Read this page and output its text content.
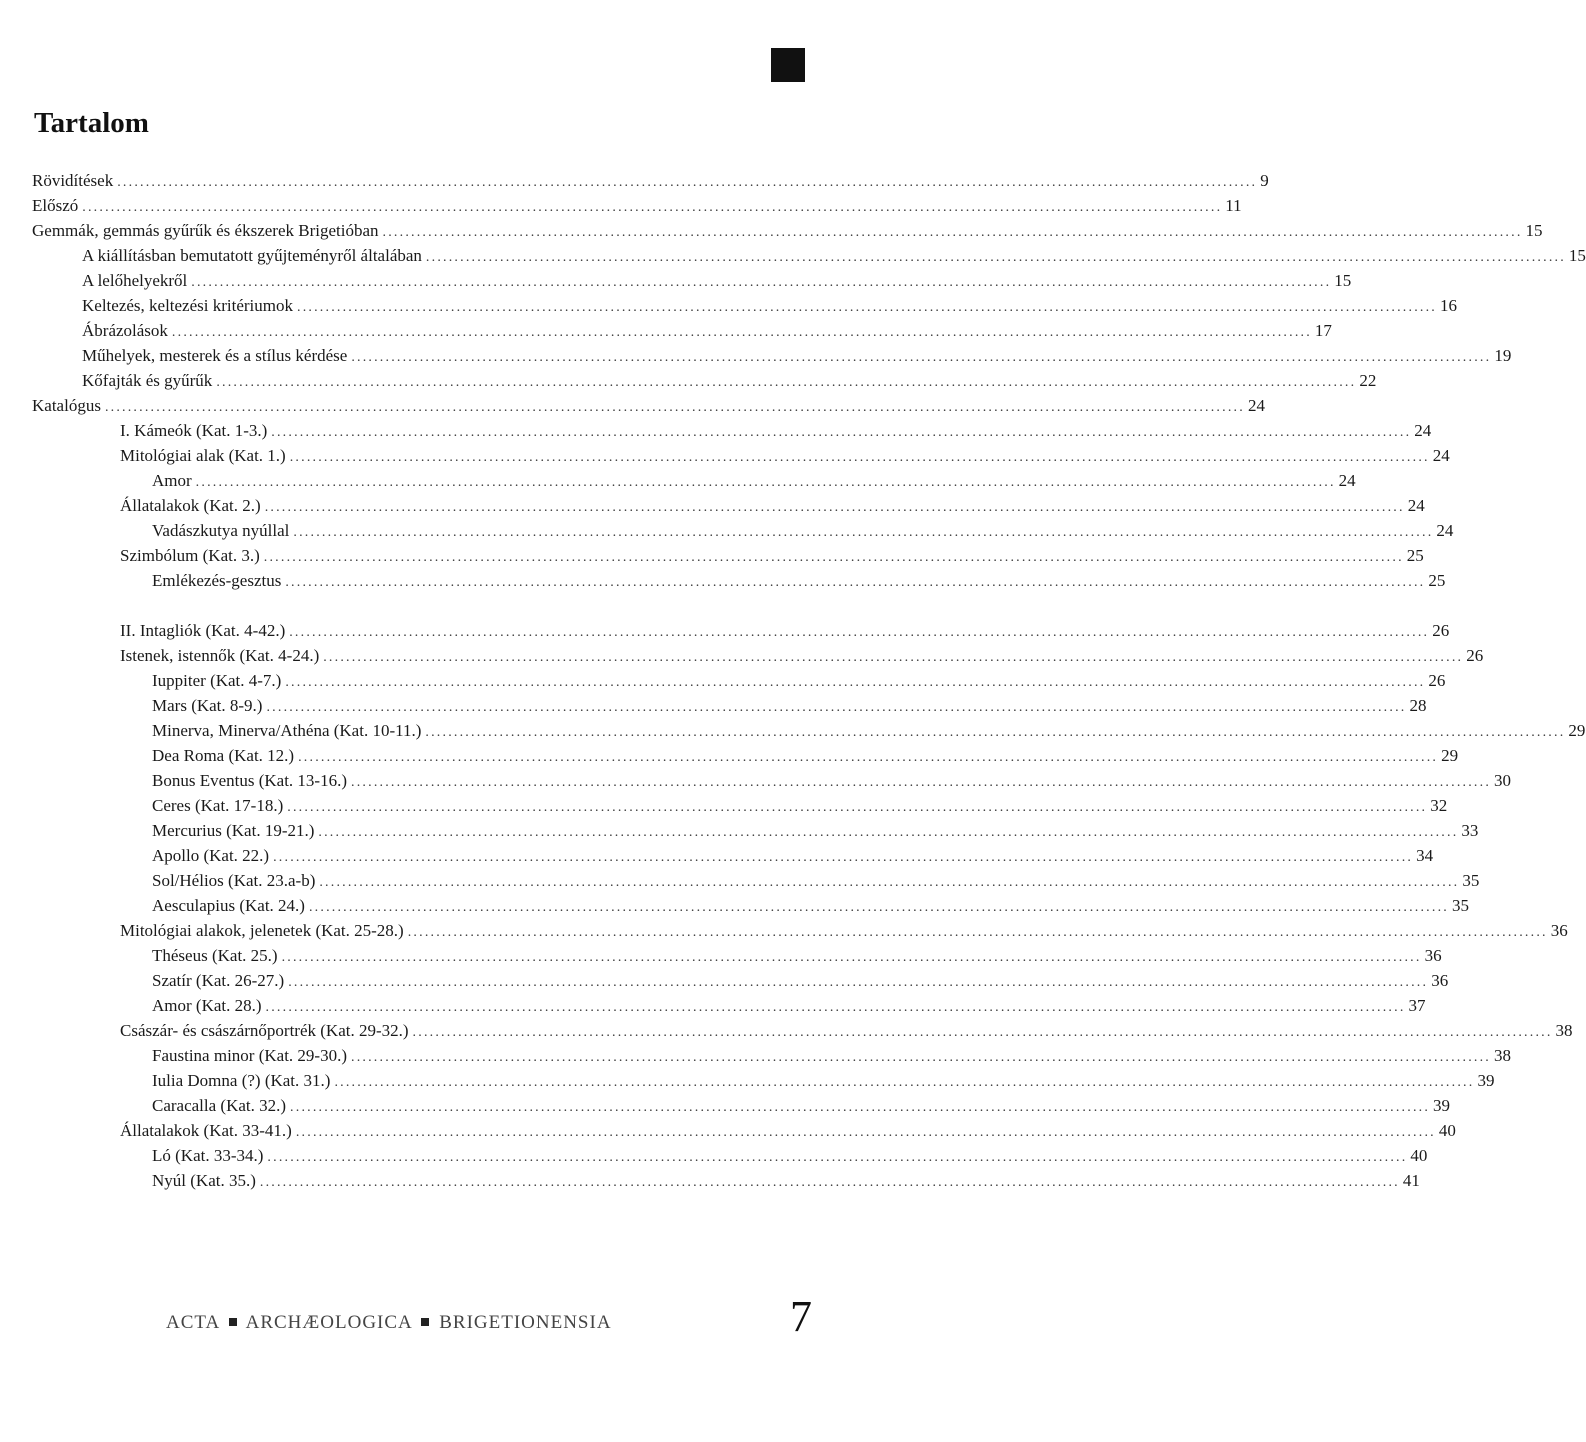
Tartalom
Rövidítések ........................................................................................................................................................................................................ 9
Előszó ........................................................................................................................................................................................................ 11
Gemmák, gemmás gyűrűk és ékszerek Brigetióban ........................................................................................................................................................................................................ 15
A kiállításban bemutatott gyűjteményről általában ........................................................................................................................................................................................................ 15
A lelőhelyekről ........................................................................................................................................................................................................ 15
Keltezés, keltezési kritériumok ........................................................................................................................................................................................................ 16
Ábrázolások ........................................................................................................................................................................................................ 17
Műhelyek, mesterek és a stílus kérdése ........................................................................................................................................................................................................ 19
Kőfajták és gyűrűk ........................................................................................................................................................................................................ 22
Katalógus ........................................................................................................................................................................................................ 24
I. Kámeók (Kat. 1-3.) ........................................................................................................................................................................................................ 24
Mitológiai alak (Kat. 1.) ........................................................................................................................................................................................................ 24
Amor ........................................................................................................................................................................................................ 24
Állatalakok (Kat. 2.) ........................................................................................................................................................................................................ 24
Vadászkutya nyúllal ........................................................................................................................................................................................................ 24
Szimbólum (Kat. 3.) ........................................................................................................................................................................................................ 25
Emlékezés-gesztus ........................................................................................................................................................................................................ 25
II. Intagliók (Kat. 4-42.) ........................................................................................................................................................................................................ 26
Istenek, istennők (Kat. 4-24.) ........................................................................................................................................................................................................ 26
Iuppiter (Kat. 4-7.) ........................................................................................................................................................................................................ 26
Mars (Kat. 8-9.) ........................................................................................................................................................................................................ 28
Minerva, Minerva/Athéna (Kat. 10-11.) ........................................................................................................................................................................................................ 29
Dea Roma (Kat. 12.) ........................................................................................................................................................................................................ 29
Bonus Eventus (Kat. 13-16.) ........................................................................................................................................................................................................ 30
Ceres (Kat. 17-18.) ........................................................................................................................................................................................................ 32
Mercurius (Kat. 19-21.) ........................................................................................................................................................................................................ 33
Apollo (Kat. 22.) ........................................................................................................................................................................................................ 34
Sol/Hélios (Kat. 23.a-b) ........................................................................................................................................................................................................ 35
Aesculapius (Kat. 24.) ........................................................................................................................................................................................................ 35
Mitológiai alakok, jelenetek (Kat. 25-28.) ........................................................................................................................................................................................................ 36
Théseus (Kat. 25.) ........................................................................................................................................................................................................ 36
Szatír (Kat. 26-27.) ........................................................................................................................................................................................................ 36
Amor (Kat. 28.) ........................................................................................................................................................................................................ 37
Császár- és császárnőportrék (Kat. 29-32.) ........................................................................................................................................................................................................ 38
Faustina minor (Kat. 29-30.) ........................................................................................................................................................................................................ 38
Iulia Domna (?) (Kat. 31.) ........................................................................................................................................................................................................ 39
Caracalla (Kat. 32.) ........................................................................................................................................................................................................ 39
Állatalakok (Kat. 33-41.) ........................................................................................................................................................................................................ 40
Ló (Kat. 33-34.) ........................................................................................................................................................................................................ 40
Nyúl (Kat. 35.) ........................................................................................................................................................................................................ 41
ACTA ARCHÆOLOGICA BRIGETIONENSIA	7
